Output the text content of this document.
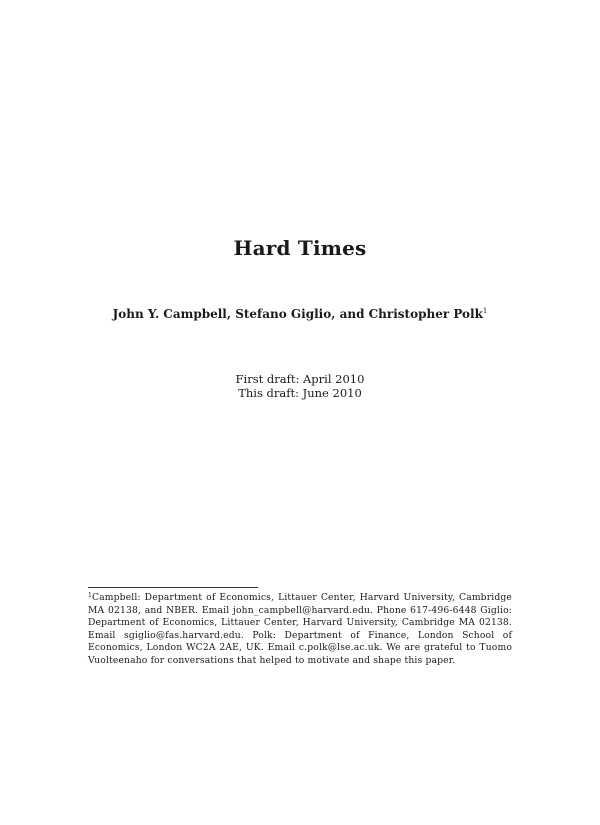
Hard Times
John Y. Campbell, Stefano Giglio, and Christopher Polk$^1$
First draft: April 2010
This draft: June 2010
$^1$Campbell: Department of Economics, Littauer Center, Harvard University, Cambridge MA 02138, and NBER. Email john_campbell@harvard.edu. Phone 617-496-6448 Giglio: Department of Economics, Littauer Center, Harvard University, Cambridge MA 02138. Email sgiglio@fas.harvard.edu. Polk: Department of Finance, London School of Economics, London WC2A 2AE, UK. Email c.polk@lse.ac.uk. We are grateful to Tuomo Vuolteenaho for conversations that helped to motivate and shape this paper.
